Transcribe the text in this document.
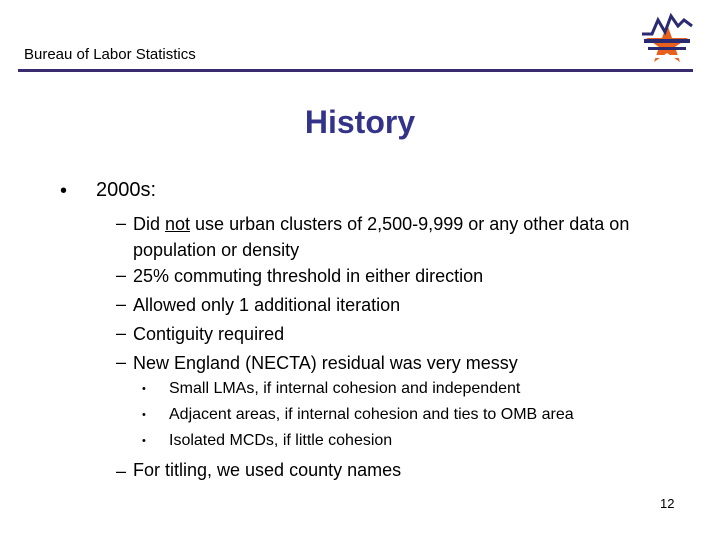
Bureau of Labor Statistics
History
• 2000s:
– Did not use urban clusters of 2,500-9,999 or any other data on population or density
– 25% commuting threshold in either direction
– Allowed only 1 additional iteration
– Contiguity required
– New England (NECTA) residual was very messy
• Small LMAs, if internal cohesion and independent
• Adjacent areas, if internal cohesion and ties to OMB area
• Isolated MCDs, if little cohesion
– For titling, we used county names
12
